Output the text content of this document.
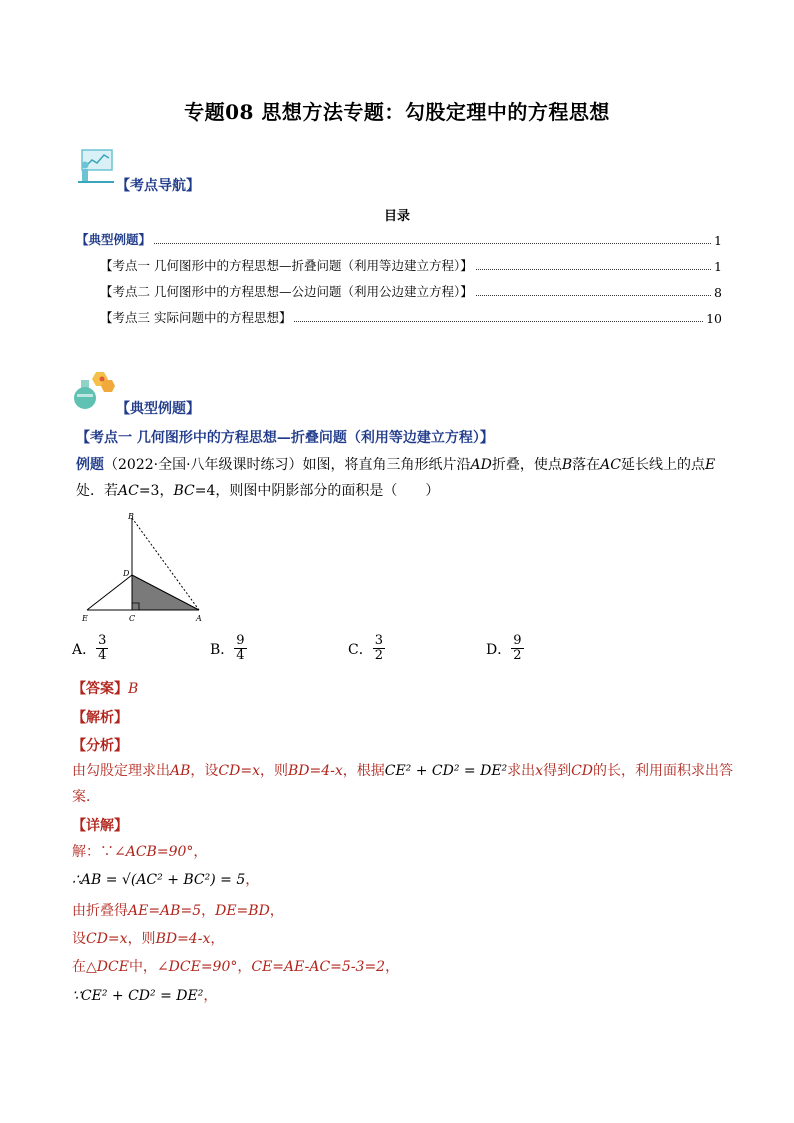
专题08 思想方法专题：勾股定理中的方程思想
【考点导航】
目录
【典型例题】	1
【考点一 几何图形中的方程思想—折叠问题（利用等边建立方程）】	1
【考点二 几何图形中的方程思想—公边问题（利用公边建立方程）】	8
【考点三 实际问题中的方程思想】	10
【典型例题】
【考点一 几何图形中的方程思想—折叠问题（利用等边建立方程）】
例题（2022·全国·八年级课时练习）如图，将直角三角形纸片沿AD折叠，使点B落在AC延长线上的点E
处．若AC=3，BC=4，则图中阴影部分的面积是（　　）
B
D
E	C	A
A． $\frac{3}{4}$	B． $\frac{9}{4}$	C． $\frac{3}{2}$	D． $\frac{9}{2}$
【答案】B
【解析】
【分析】
由勾股定理求出AB，设CD=x，则BD=4-x，根据CE² + CD² = DE²求出x得到CD的长，利用面积求出答
案．
【详解】
解：∵∠ACB=90°，
∴AB = √(AC² + BC²) = 5，
由折叠得AE=AB=5，DE=BD，
设CD=x，则BD=4-x，
在△DCE中，∠DCE=90°，CE=AE-AC=5-3=2，
∵CE² + CD² = DE²，
